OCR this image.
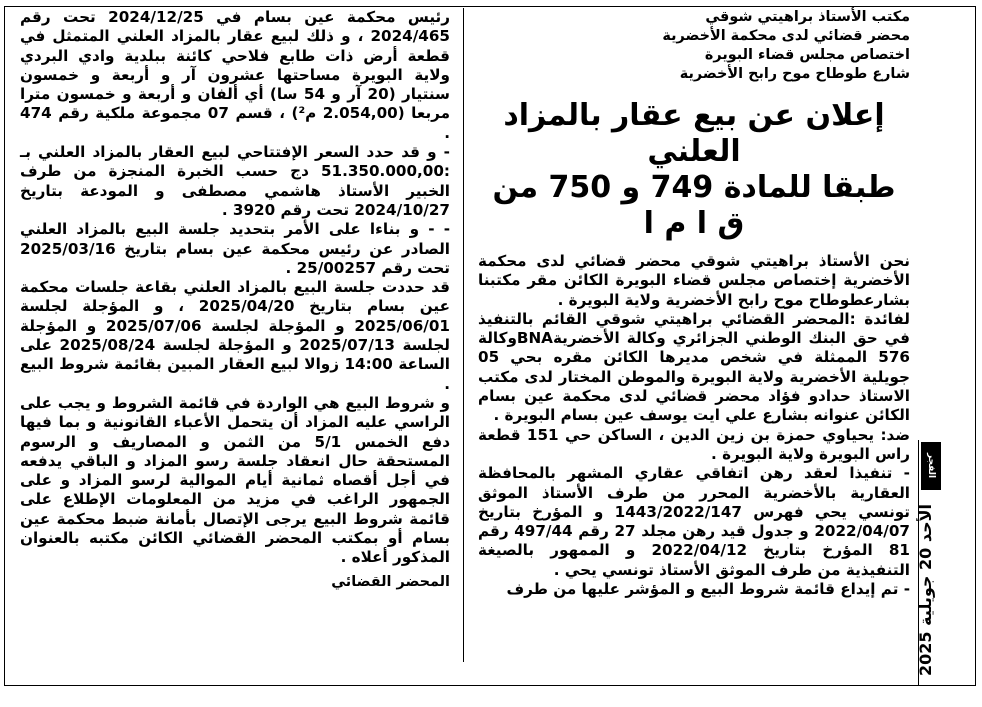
مكتب الأستاذ براهيتي شوقي

محضر قضائي لدى محكمة الأخضرية

اختصاص مجلس قضاء البويرة

شارع طوطاح موح رابح الأخضرية

إعلان عن بيع عقار بالمزاد العلني
طبقا للمادة 749 و 750 من ق ا م ا

نحن الأستاذ براهيتي شوقي محضر قضائي لدى محكمة الأخضرية إختصاص مجلس قضاء البويرة الكائن مقر مكتبنا بشارعطوطاح موح رابح الأخضرية ولاية البويرة .

لفائدة :المحضر القضائي براهيتي شوقي القائم بالتنفيذ في حق البنك الوطني الجزائري وكالة الأخضريةBNAوكالة 576 الممثلة في شخص مديرها الكائن مقره بحي 05 جويلية الأخضرية ولاية البويرة والموطن المختار لدى مكتب الاستاذ حدادو فؤاد محضر قضائي لدى محكمة عين بسام الكائن عنوانه بشارع علي ايت يوسف عين بسام البويرة .

ضد: يحياوي حمزة بن زين الدين ، الساكن حي 151 قطعة راس البويرة ولاية البويرة .

- تنفيذا لعقد رهن اتفاقي عقاري المشهر بالمحافظة العقارية بالأخضرية المحرر من طرف الأستاذ الموثق تونسي يحي فهرس 1443/2022/147 و المؤرخ بتاريخ 2022/04/07 و جدول قيد رهن مجلد 27 رقم 497/44 رقم 81 المؤرخ بتاريخ 2022/04/12 و الممهور بالصيغة التنفيذية من طرف الموثق الأستاذ تونسي يحي .

- تم إيداع قائمة شروط البيع و المؤشر عليها من طرف

رئيس محكمة عين بسام في 2024/12/25 تحت رقم 2024/465 ، و ذلك لبيع عقار بالمزاد العلني المتمثل في قطعة أرض ذات طابع فلاحي كائنة ببلدية وادي البردي ولاية البويرة مساحتها عشرون آر و أربعة و خمسون سنتيار (20 آر و 54 سا) أي ألفان و أربعة و خمسون مترا مربعا (2.054,00 م²) ، قسم 07 مجموعة ملكية رقم 474 .

- و قد حدد السعر الإفتتاحي لبيع العقار بالمزاد العلني بـ :51.350.000,00 دج حسب الخبرة المنجزة من طرف الخبير الأستاذ هاشمي مصطفى و المودعة بتاريخ 2024/10/27 تحت رقم 3920 .

- - و بناءا على الأمر بتحديد جلسة البيع بالمزاد العلني الصادر عن رئيس محكمة عين بسام بتاريخ 2025/03/16 تحت رقم 25/00257 .

قد حددت جلسة البيع بالمزاد العلني بقاعة جلسات محكمة عين بسام بتاريخ 2025/04/20 ، و المؤجلة لجلسة 2025/06/01 و المؤجلة لجلسة 2025/07/06 و المؤجلة لجلسة 2025/07/13 و المؤجلة لجلسة 2025/08/24 على الساعة 14:00 زوالا لبيع العقار المبين بقائمة شروط البيع .

و شروط البيع هي الواردة في قائمة الشروط و يجب على الراسي عليه المزاد أن يتحمل الأعباء القانونية و بما فيها دفع الخمس 5/1 من الثمن و المصاريف و الرسوم المستحقة حال انعقاد جلسة رسو المزاد و الباقي يدفعه في أجل أقصاه ثمانية أيام الموالية لرسو المزاد و على الجمهور الراغب في مزيد من المعلومات الإطلاع على قائمة شروط البيع يرجى الإتصال بأمانة ضبط محكمة عين بسام أو بمكتب المحضر القضائي الكائن مكتبه بالعنوان المذكور أعلاه .

المحضر القضائي
الفجر
الأحد 20 جويلية 2025
